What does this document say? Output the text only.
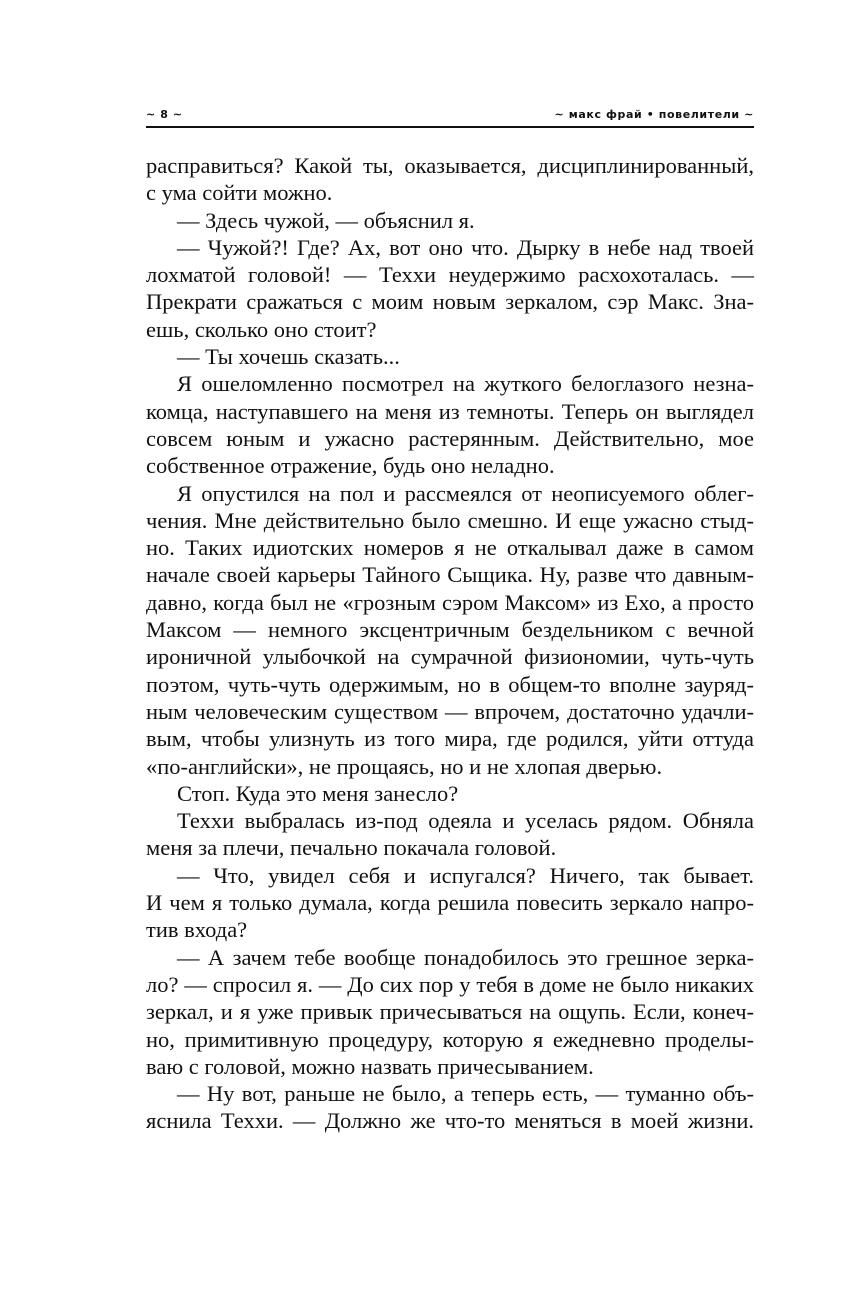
~ 8 ~	~ макс фрай • повелители ~
расправиться? Какой ты, оказывается, дисциплинированный,
с ума сойти можно.
— Здесь чужой, — объяснил я.
— Чужой?! Где? Ах, вот оно что. Дырку в небе над твоей
лохматой головой! — Теххи неудержимо расхохоталась. —
Прекрати сражаться с моим новым зеркалом, сэр Макс. Зна-
ешь, сколько оно стоит?
— Ты хочешь сказать...
Я ошеломленно посмотрел на жуткого белоглазого незна-
комца, наступавшего на меня из темноты. Теперь он выглядел
совсем юным и ужасно растерянным. Действительно, мое
собственное отражение, будь оно неладно.
Я опустился на пол и рассмеялся от неописуемого облег-
чения. Мне действительно было смешно. И еще ужасно стыд-
но. Таких идиотских номеров я не откалывал даже в самом
начале своей карьеры Тайного Сыщика. Ну, разве что давным-
давно, когда был не «грозным сэром Максом» из Ехо, а просто
Максом — немного эксцентричным бездельником с вечной
ироничной улыбочкой на сумрачной физиономии, чуть-чуть
поэтом, чуть-чуть одержимым, но в общем-то вполне зауряд-
ным человеческим существом — впрочем, достаточно удачли-
вым, чтобы улизнуть из того мира, где родился, уйти оттуда
«по-английски», не прощаясь, но и не хлопая дверью.
Стоп. Куда это меня занесло?
Теххи выбралась из-под одеяла и уселась рядом. Обняла
меня за плечи, печально покачала головой.
— Что, увидел себя и испугался? Ничего, так бывает.
И чем я только думала, когда решила повесить зеркало напро-
тив входа?
— А зачем тебе вообще понадобилось это грешное зерка-
ло? — спросил я. — До сих пор у тебя в доме не было никаких
зеркал, и я уже привык причесываться на ощупь. Если, конеч-
но, примитивную процедуру, которую я ежедневно проделы-
ваю с головой, можно назвать причесыванием.
— Ну вот, раньше не было, а теперь есть, — туманно объ-
яснила Теххи. — Должно же что-то меняться в моей жизни.
